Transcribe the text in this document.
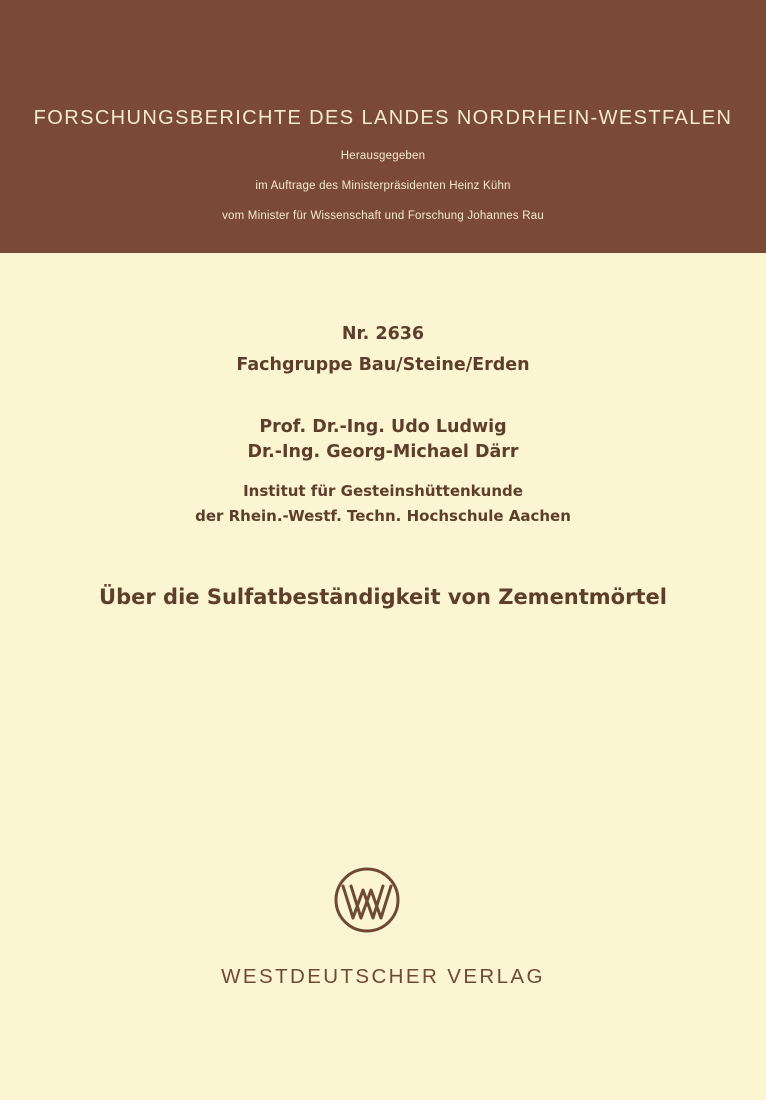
FORSCHUNGSBERICHTE DES LANDES NORDRHEIN-WESTFALEN
Herausgegeben
im Auftrage des Ministerpräsidenten Heinz Kühn
vom Minister für Wissenschaft und Forschung Johannes Rau
Nr. 2636
Fachgruppe Bau/Steine/Erden
Prof. Dr.-Ing. Udo Ludwig
Dr.-Ing. Georg-Michael Därr
Institut für Gesteinshüttenkunde
der Rhein.-Westf. Techn. Hochschule Aachen
Über die Sulfatbeständigkeit von Zementmörtel
WESTDEUTSCHER VERLAG
